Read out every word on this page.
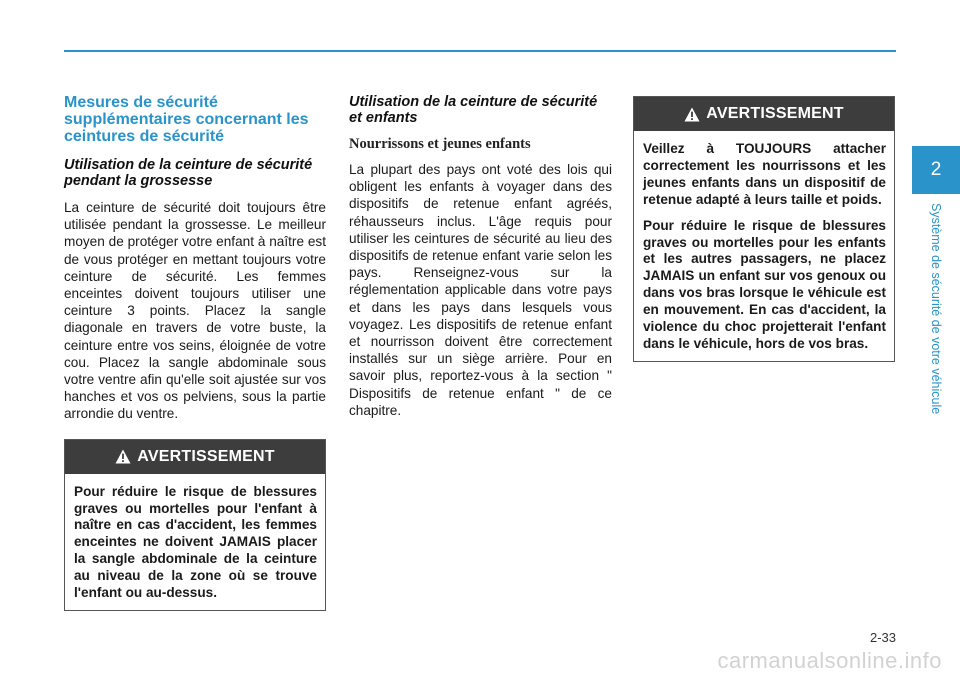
Mesures de sécurité supplémentaires concernant les ceintures de sécurité
Utilisation de la ceinture de sécurité pendant la grossesse

La ceinture de sécurité doit toujours être utilisée pendant la grossesse. Le meilleur moyen de protéger votre enfant à naître est de vous protéger en mettant toujours votre ceinture de sécurité. Les femmes enceintes doivent toujours utiliser une ceinture 3 points. Placez la sangle diagonale en travers de votre buste, la ceinture entre vos seins, éloignée de votre cou. Placez la sangle abdominale sous votre ventre afin qu'elle soit ajustée sur vos hanches et vos os pelviens, sous la partie arrondie du ventre.

AVERTISSEMENT

Pour réduire le risque de blessures graves ou mortelles pour l'enfant à naître en cas d'accident, les femmes enceintes ne doivent JAMAIS placer la sangle abdominale de la ceinture au niveau de la zone où se trouve l'enfant ou au-dessus.

Utilisation de la ceinture de sécurité et enfants
Nourrissons et jeunes enfants

La plupart des pays ont voté des lois qui obligent les enfants à voyager dans des dispositifs de retenue enfant agréés, réhausseurs inclus. L'âge requis pour utiliser les ceintures de sécurité au lieu des dispositifs de retenue enfant varie selon les pays. Renseignez-vous sur la réglementation applicable dans votre pays et dans les pays dans lesquels vous voyagez. Les dispositifs de retenue enfant et nourrisson doivent être correctement installés sur un siège arrière. Pour en savoir plus, reportez-vous à la section " Dispositifs de retenue enfant " de ce chapitre.

AVERTISSEMENT

Veillez à TOUJOURS attacher correctement les nourrissons et les jeunes enfants dans un dispositif de retenue adapté à leurs taille et poids.

Pour réduire le risque de blessures graves ou mortelles pour les enfants et les autres passagers, ne placez JAMAIS un enfant sur vos genoux ou dans vos bras lorsque le véhicule est en mouvement. En cas d'accident, la violence du choc projetterait l'enfant dans le véhicule, hors de vos bras.

2
Système de sécurité de votre véhicule
2-33
carmanualsonline.info
